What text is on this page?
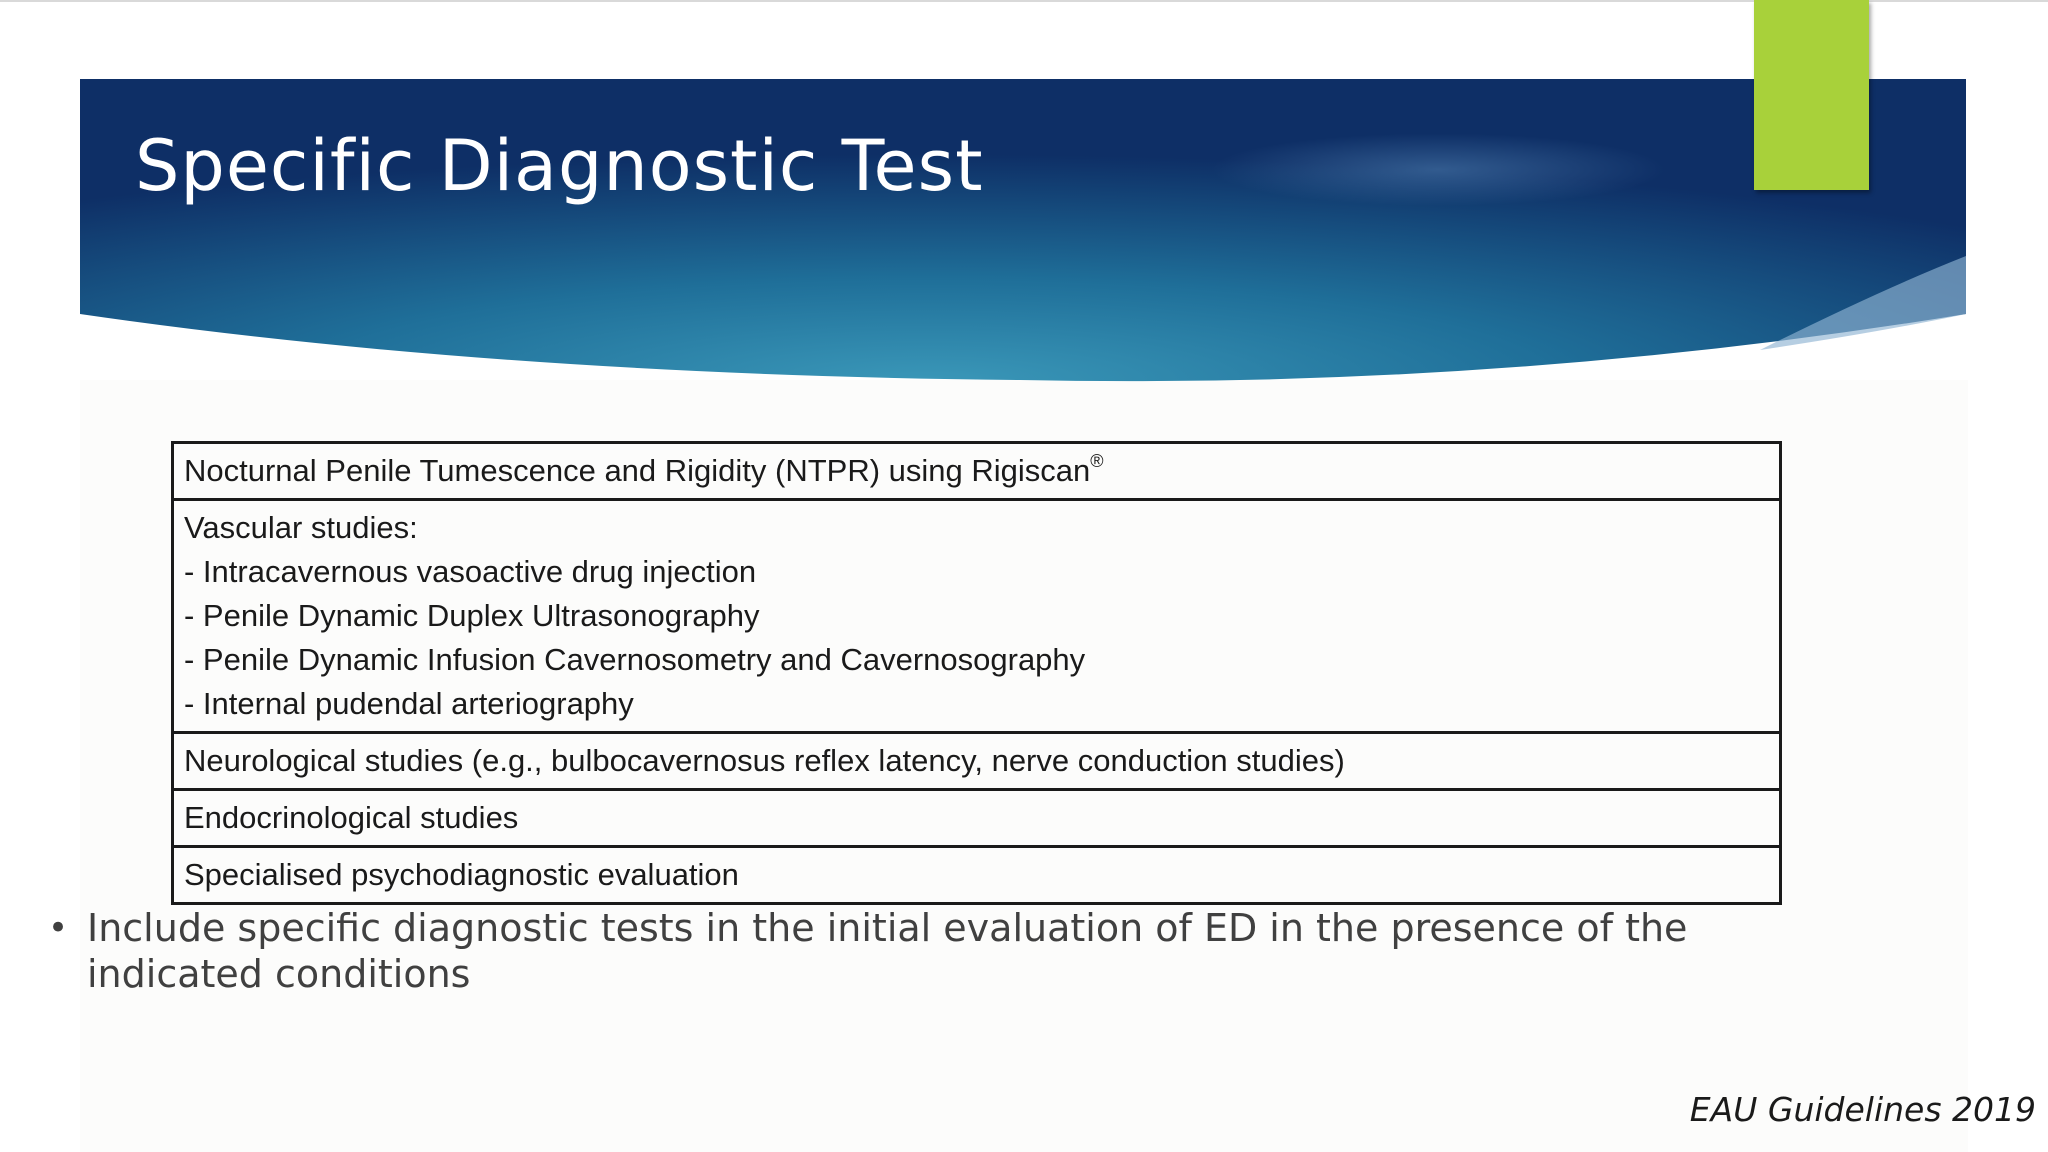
Specific Diagnostic Test
Nocturnal Penile Tumescence and Rigidity (NTPR) using Rigiscan®

Vascular studies:
- Intracavernous vasoactive drug injection
- Penile Dynamic Duplex Ultrasonography
- Penile Dynamic Infusion Cavernosometry and Cavernosography
- Internal pudendal arteriography

Neurological studies (e.g., bulbocavernosus reflex latency, nerve conduction studies)

Endocrinological studies

Specialised psychodiagnostic evaluation
• Include specific diagnostic tests in the initial evaluation of ED in the presence of the indicated conditions
EAU Guidelines 2019
